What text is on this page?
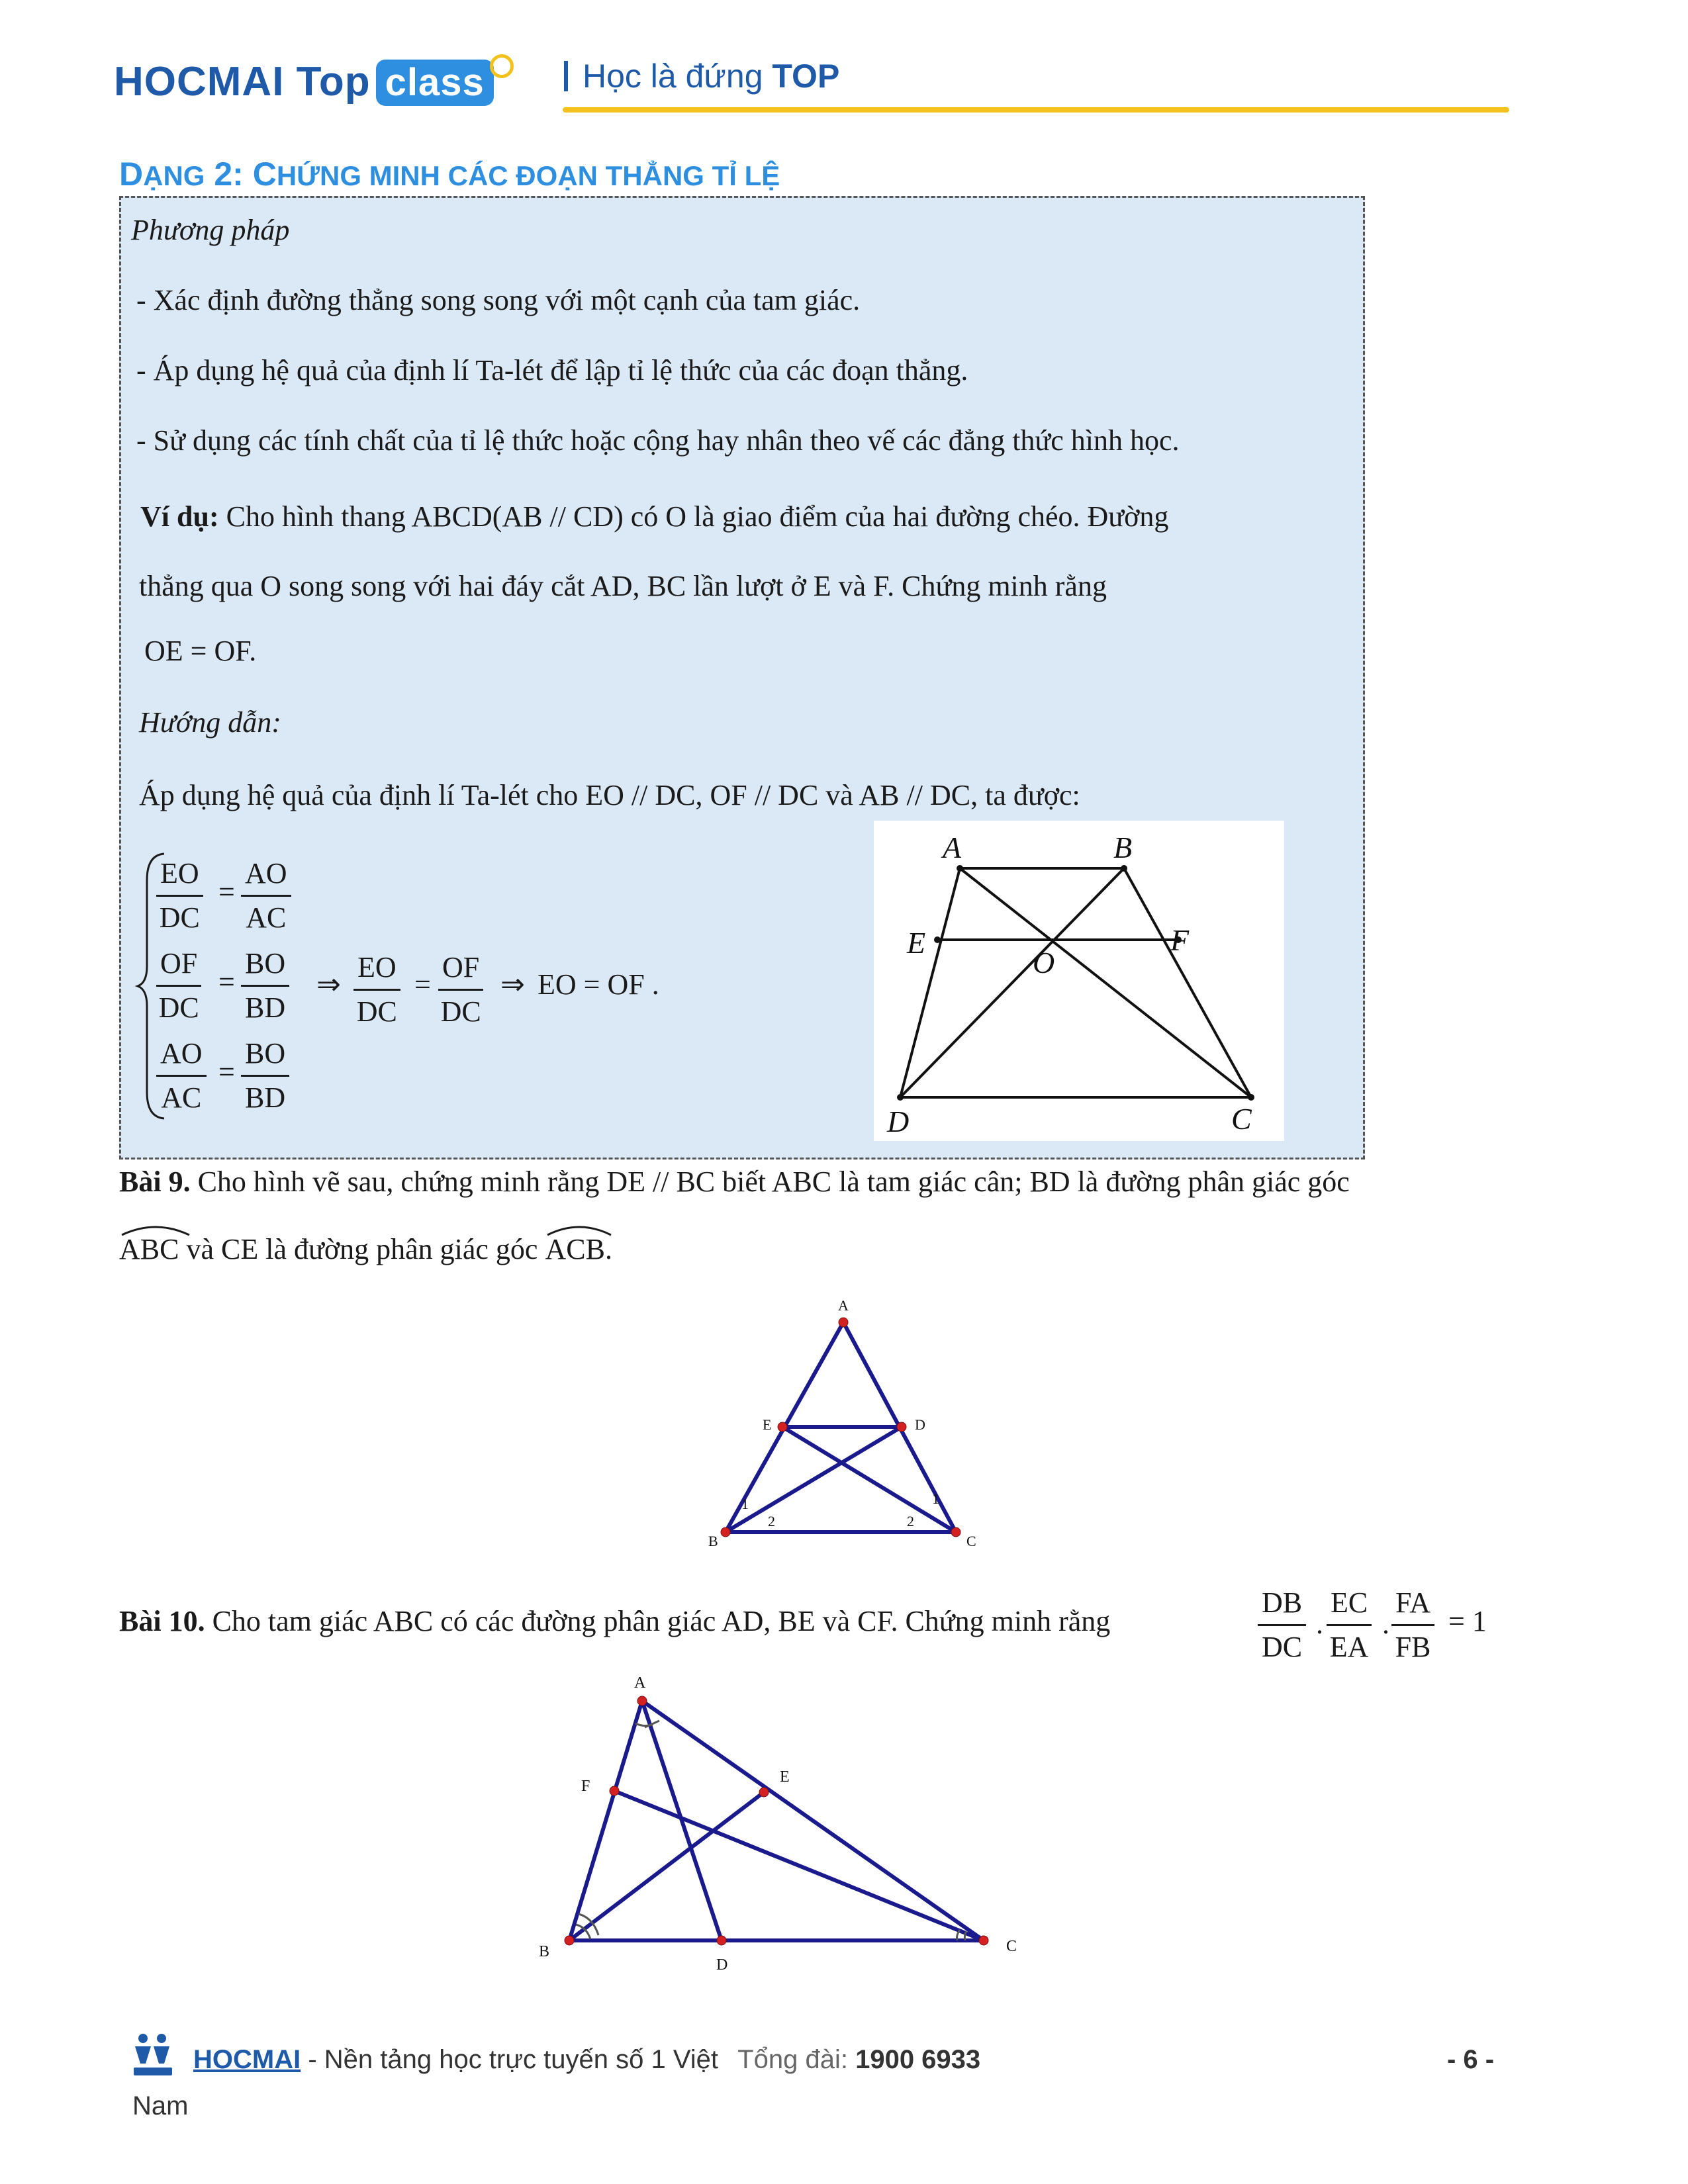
HOCMAI Top class	Học là đứng TOP
DẠNG 2: CHỨNG MINH CÁC ĐOẠN THẲNG TỈ LỆ
Phương pháp
- Xác định đường thẳng song song với một cạnh của tam giác.
- Áp dụng hệ quả của định lí Ta-lét để lập tỉ lệ thức của các đoạn thẳng.
- Sử dụng các tính chất của tỉ lệ thức hoặc cộng hay nhân theo vế các đẳng thức hình học.
Ví dụ: Cho hình thang ABCD(AB // CD) có O là giao điểm của hai đường chéo. Đường
thẳng qua O song song với hai đáy cắt AD, BC lần lượt ở E và F. Chứng minh rằng
OE = OF.
Hướng dẫn:
Áp dụng hệ quả của định lí Ta-lét cho EO // DC, OF // DC và AB // DC, ta được:
$\frac{EO}{DC} = \frac{AO}{AC}$
$\frac{OF}{DC} = \frac{BO}{BD}$
$\frac{AO}{AC} = \frac{BO}{BD}$
⇒ $\frac{EO}{DC} = \frac{OF}{DC}$ ⇒ EO = OF .
A	B
E	F
O
D	C
Bài 9. Cho hình vẽ sau, chứng minh rằng DE // BC biết ABC là tam giác cân; BD là đường phân giác góc
ABC và CE là đường phân giác góc
ACB.
A
E	D
B	C
1
2
1
2
Bài 10. Cho tam giác ABC có các đường phân giác AD, BE và CF. Chứng minh rằng	$\frac{DB}{DC}$ . $\frac{EC}{EA}$ . $\frac{FA}{FB} = 1$
A
E
F
B
D
C
HOCMAI - Nền tảng học trực tuyến số 1 Việt Tổng đài: 1900 6933	- 6 -
Nam
